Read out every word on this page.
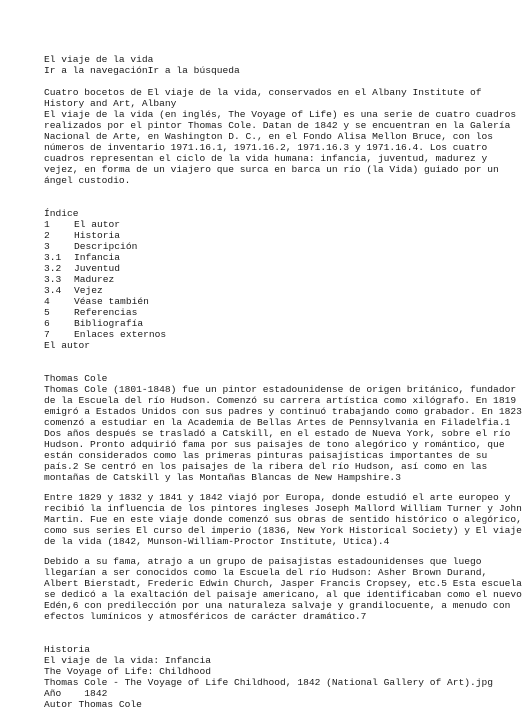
El viaje de la vida
Ir a la navegaciónIr a la búsqueda
Cuatro bocetos de El viaje de la vida, conservados en el Albany Institute of
History and Art, Albany
El viaje de la vida (en inglés, The Voyage of Life) es una serie de cuatro cuadros
realizados por el pintor Thomas Cole. Datan de 1842 y se encuentran en la Galería
Nacional de Arte, en Washington D. C., en el Fondo Alisa Mellon Bruce, con los
números de inventario 1971.16.1, 1971.16.2, 1971.16.3 y 1971.16.4. Los cuatro
cuadros representan el ciclo de la vida humana: infancia, juventud, madurez y
vejez, en forma de un viajero que surca en barca un río (la Vida) guiado por un
ángel custodio.
Índice
1	El autor
2	Historia
3	Descripción
3.1	Infancia
3.2	Juventud
3.3	Madurez
3.4	Vejez
4	Véase también
5	Referencias
6	Bibliografía
7	Enlaces externos
El autor
Thomas Cole
Thomas Cole (1801-1848) fue un pintor estadounidense de origen británico, fundador
de la Escuela del río Hudson. Comenzó su carrera artística como xilógrafo. En 1819
emigró a Estados Unidos con sus padres y continuó trabajando como grabador. En 1823
comenzó a estudiar en la Academia de Bellas Artes de Pennsylvania en Filadelfia.1
Dos años después se trasladó a Catskill, en el estado de Nueva York, sobre el río
Hudson. Pronto adquirió fama por sus paisajes de tono alegórico y romántico, que
están considerados como las primeras pinturas paisajísticas importantes de su
país.2 Se centró en los paisajes de la ribera del río Hudson, así como en las
montañas de Catskill y las Montañas Blancas de New Hampshire.3
Entre 1829 y 1832 y 1841 y 1842 viajó por Europa, donde estudió el arte europeo y
recibió la influencia de los pintores ingleses Joseph Mallord William Turner y John
Martin. Fue en este viaje donde comenzó sus obras de sentido histórico o alegórico,
como sus series El curso del imperio (1836, New York Historical Society) y El viaje
de la vida (1842, Munson-William-Proctor Institute, Utica).4
Debido a su fama, atrajo a un grupo de paisajistas estadounidenses que luego
llegarían a ser conocidos como la Escuela del río Hudson: Asher Brown Durand,
Albert Bierstadt, Frederic Edwin Church, Jasper Francis Cropsey, etc.5 Esta escuela
se dedicó a la exaltación del paisaje americano, al que identificaban como el nuevo
Edén,6 con predilección por una naturaleza salvaje y grandilocuente, a menudo con
efectos lumínicos y atmosféricos de carácter dramático.7
Historia
El viaje de la vida: Infancia
The Voyage of Life: Childhood
Thomas Cole - The Voyage of Life Childhood, 1842 (National Gallery of Art).jpg
Año    1842
Autor Thomas Cole
